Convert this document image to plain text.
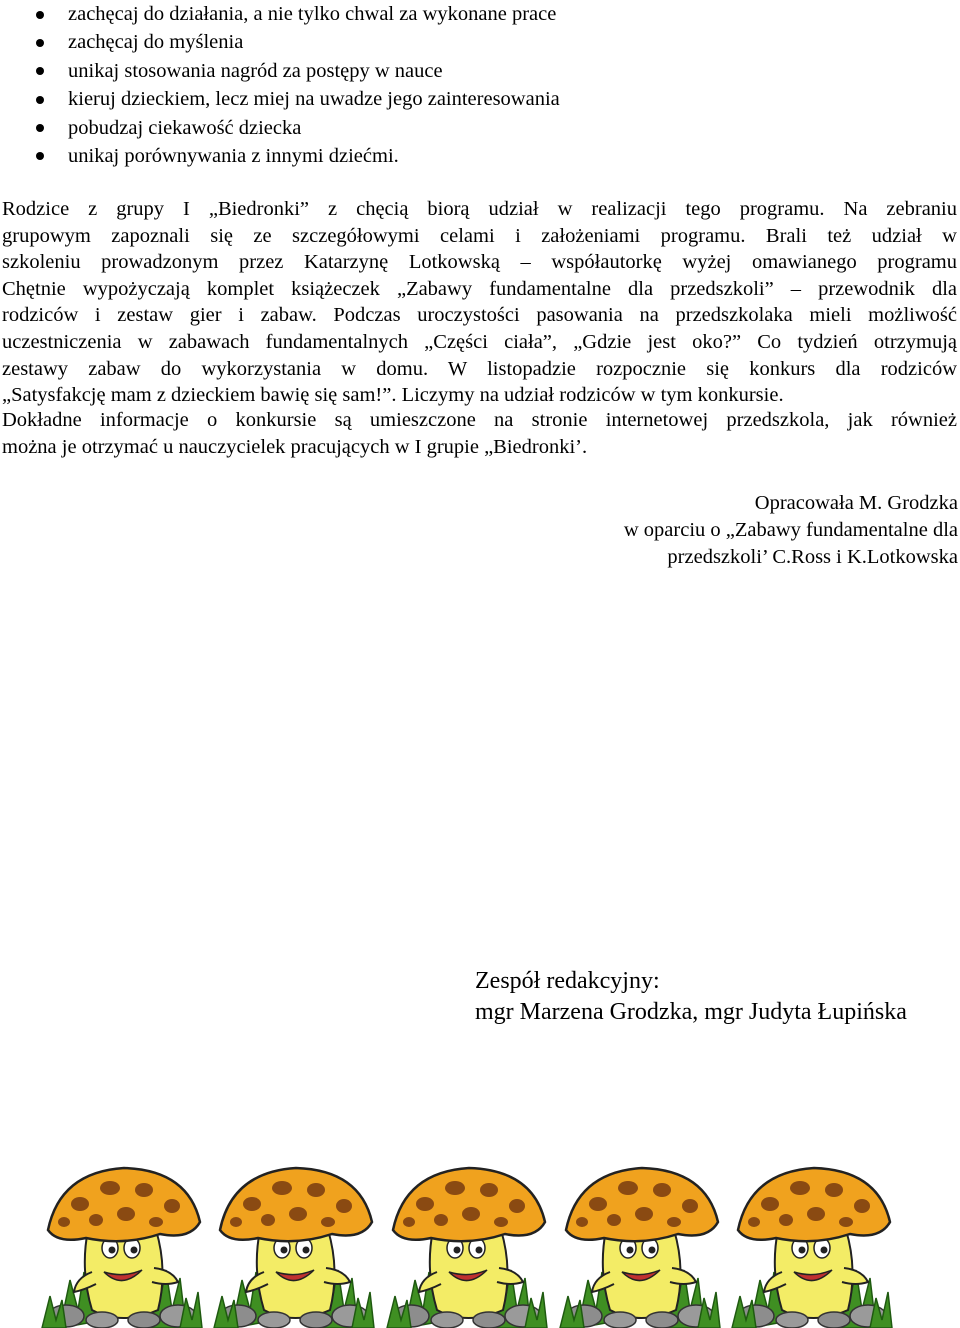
zachęcaj do działania, a nie tylko chwal za wykonane prace
zachęcaj do myślenia
unikaj stosowania nagród za postępy w nauce
kieruj dzieckiem, lecz miej na uwadze jego zainteresowania
pobudzaj ciekawość dziecka
unikaj porównywania z innymi dziećmi.
Rodzice z grupy I „Biedronki” z chęcią biorą udział w realizacji tego programu. Na zebraniu
grupowym zapoznali się ze szczegółowymi celami i założeniami programu. Brali też udział w
szkoleniu prowadzonym przez Katarzynę Lotkowską – współautorkę wyżej omawianego programu
Chętnie wypożyczają komplet książeczek „Zabawy fundamentalne dla przedszkoli” – przewodnik dla
rodziców i zestaw gier i zabaw. Podczas uroczystości pasowania na przedszkolaka mieli możliwość
uczestniczenia w zabawach fundamentalnych „Części ciała”, „Gdzie jest oko?” Co tydzień otrzymują
zestawy zabaw do wykorzystania w domu. W listopadzie rozpocznie się konkurs dla rodziców
„Satysfakcję mam z dzieckiem bawię się sam!”. Liczymy na udział rodziców w tym konkursie.
Dokładne informacje o konkursie są umieszczone na stronie internetowej przedszkola, jak również
można je otrzymać u nauczycielek pracujących w I grupie „Biedronki’.
Opracowała M. Grodzka
w oparciu o „Zabawy fundamentalne dla
przedszkoli’ C.Ross i K.Lotkowska
Zespół redakcyjny:
mgr Marzena Grodzka, mgr Judyta Łupińska
